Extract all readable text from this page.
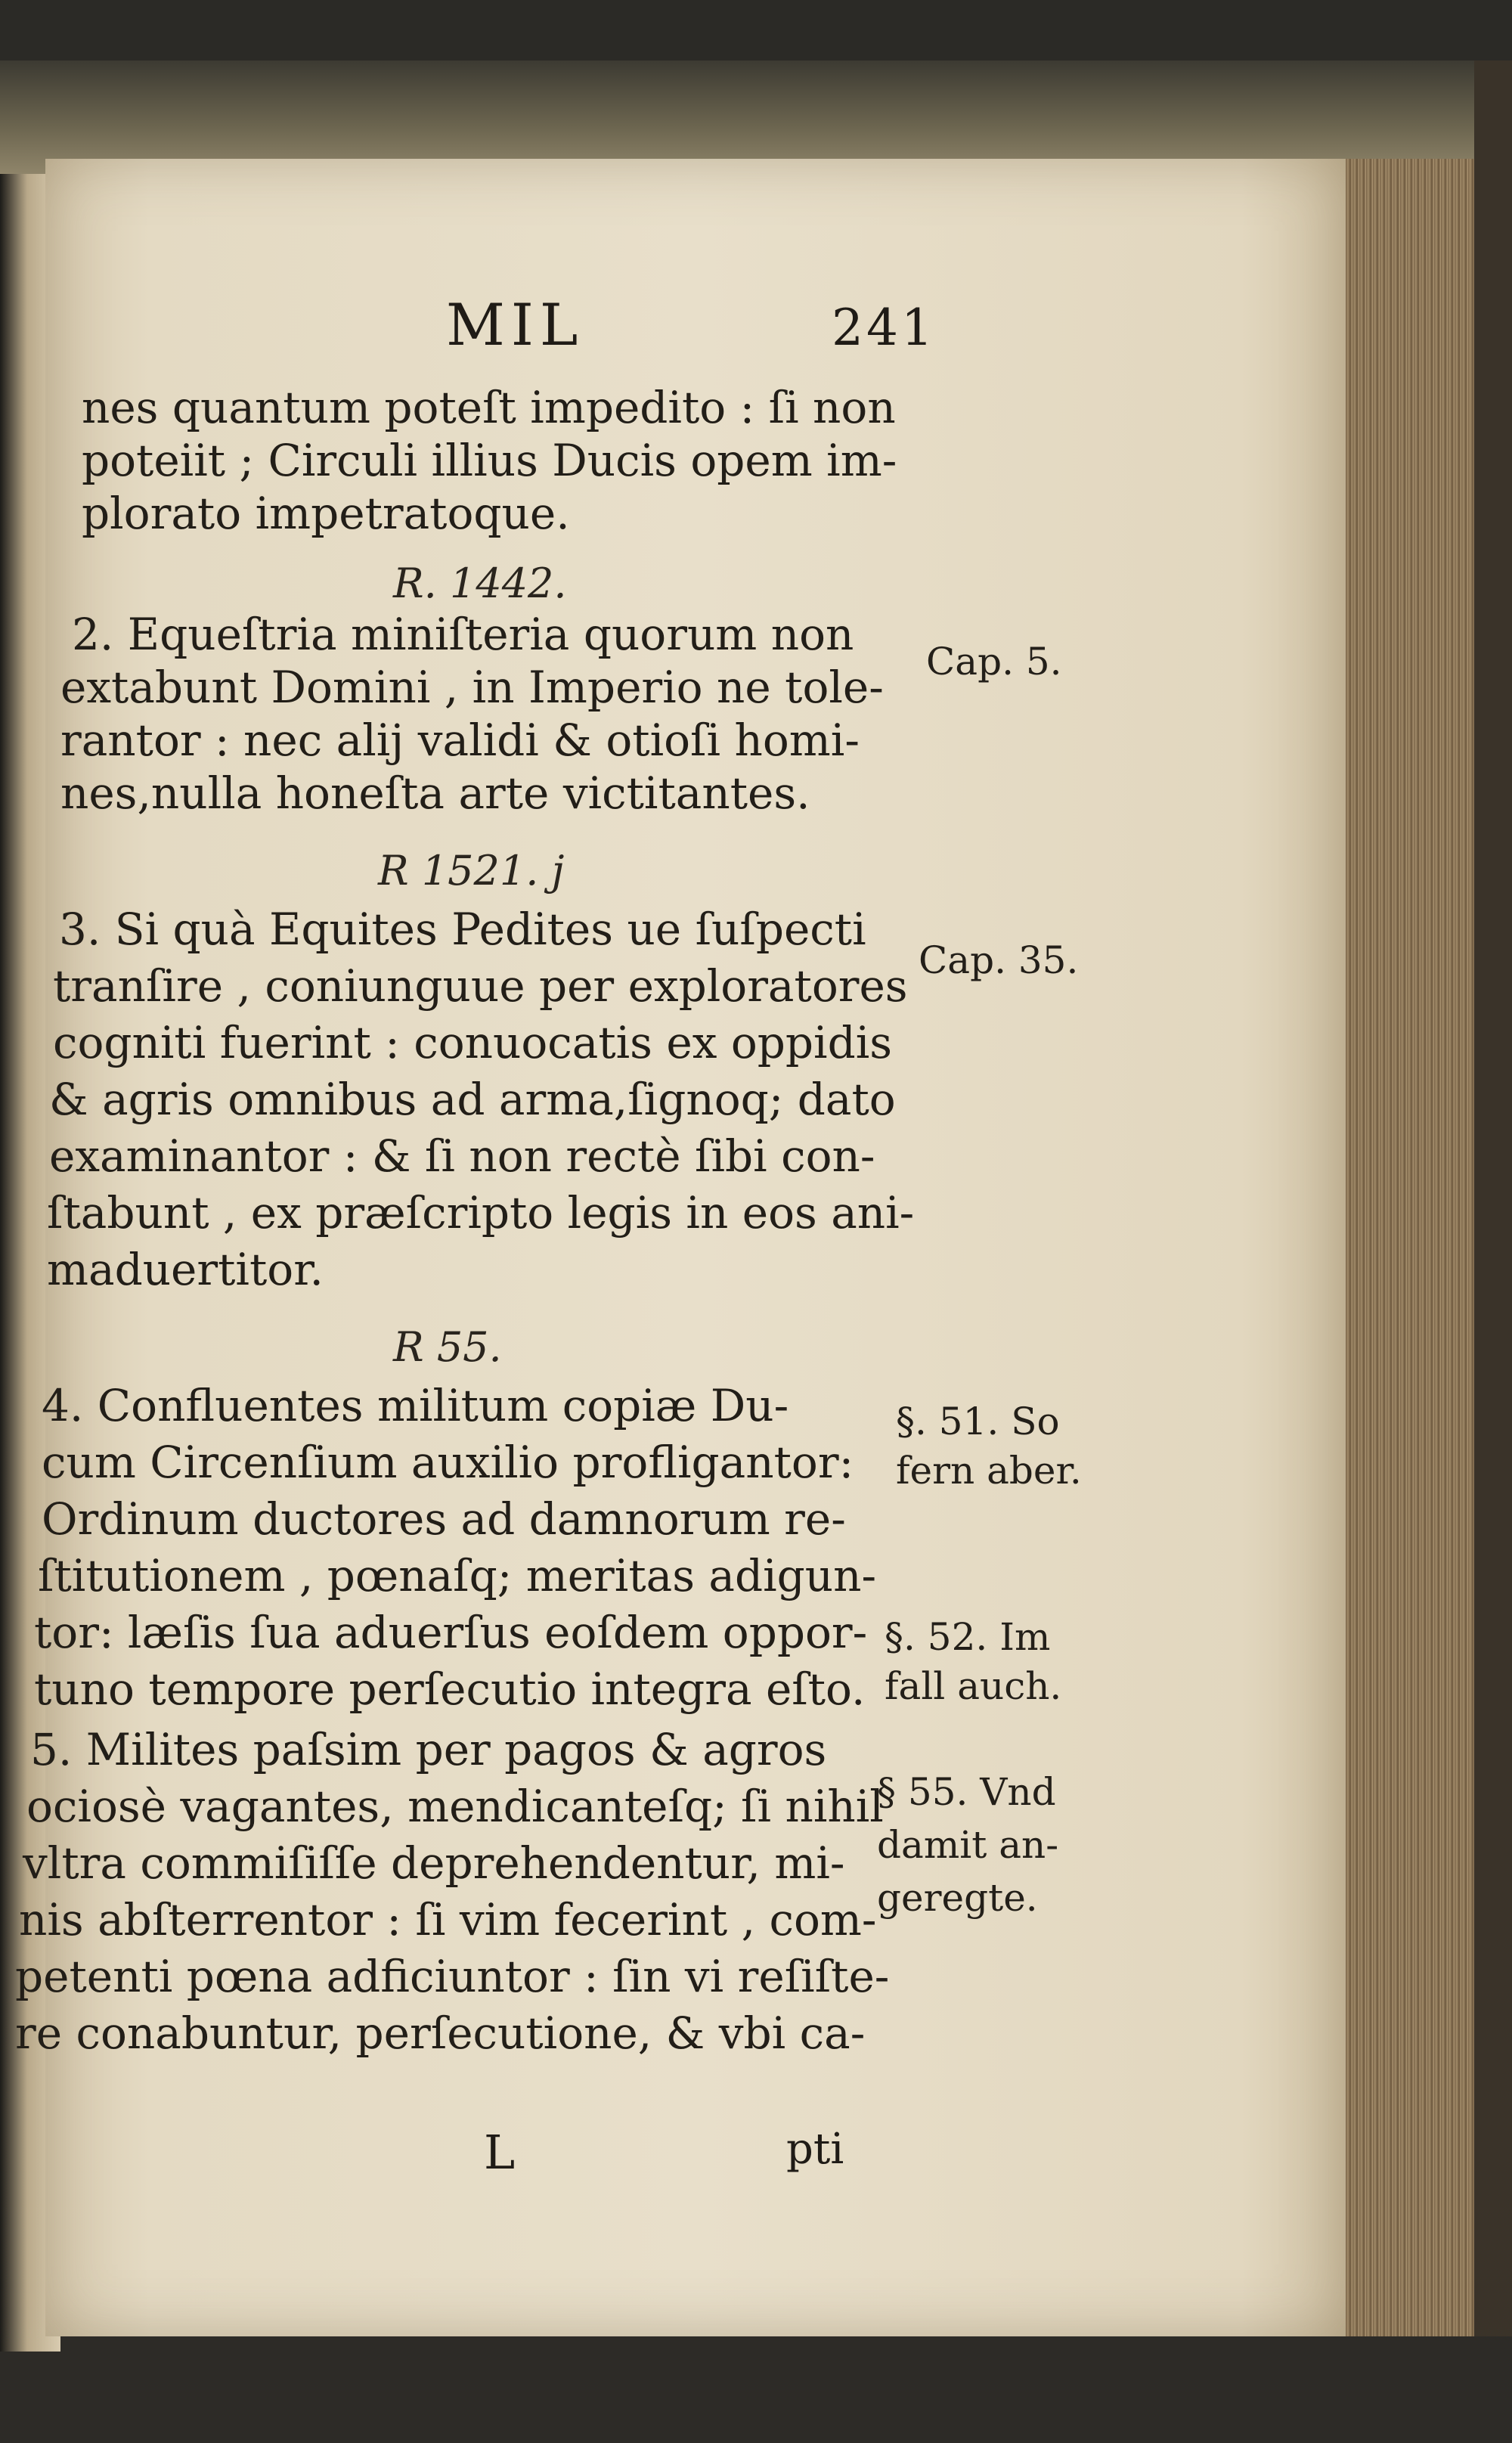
MIL	241
nes quantum poteſt impedito : ſi non
poteiit ; Circuli illius Ducis opem im-
plorato impetratoque.
R. 1442.
2. Equeſtria miniſteria quorum non
extabunt Domini , in Imperio ne tole-
rantor : nec alij validi & otioſi homi-
nes,nulla honeſta arte victitantes.
R 1521. j
3. Si quà Equites Pedites ue ſuſpecti
tranſire , coniunguue per exploratores
cogniti fuerint : conuocatis ex oppidis
& agris omnibus ad arma,ſignoq; dato
examinantor : & ſi non rectè ſibi con-
ſtabunt , ex præſcripto legis in eos ani-
maduertitor.
R 55.
4. Confluentes militum copiæ Du-
cum Circenſium auxilio profligantor:
Ordinum ductores ad damnorum re-
ſtitutionem , pœnaſq; meritas adigun-
tor: læſis ſua aduerſus eoſdem oppor-
tuno tempore perſecutio integra eſto.
5. Milites paſsim per pagos & agros
ociosè vagantes, mendicanteſq; ſi nihil
vltra commiſiſſe deprehendentur, mi-
nis abſterrentor : ſi vim fecerint , com-
petenti pœna adficiuntor : ſin vi reſiſte-
re conabuntur, perſecutione, & vbi ca-
Cap. 5.
Cap. 35.
§. 51. So
fern aber.
§. 52. Im
fall auch.
§ 55. Vnd
damit an-
geregte.
L	pti
